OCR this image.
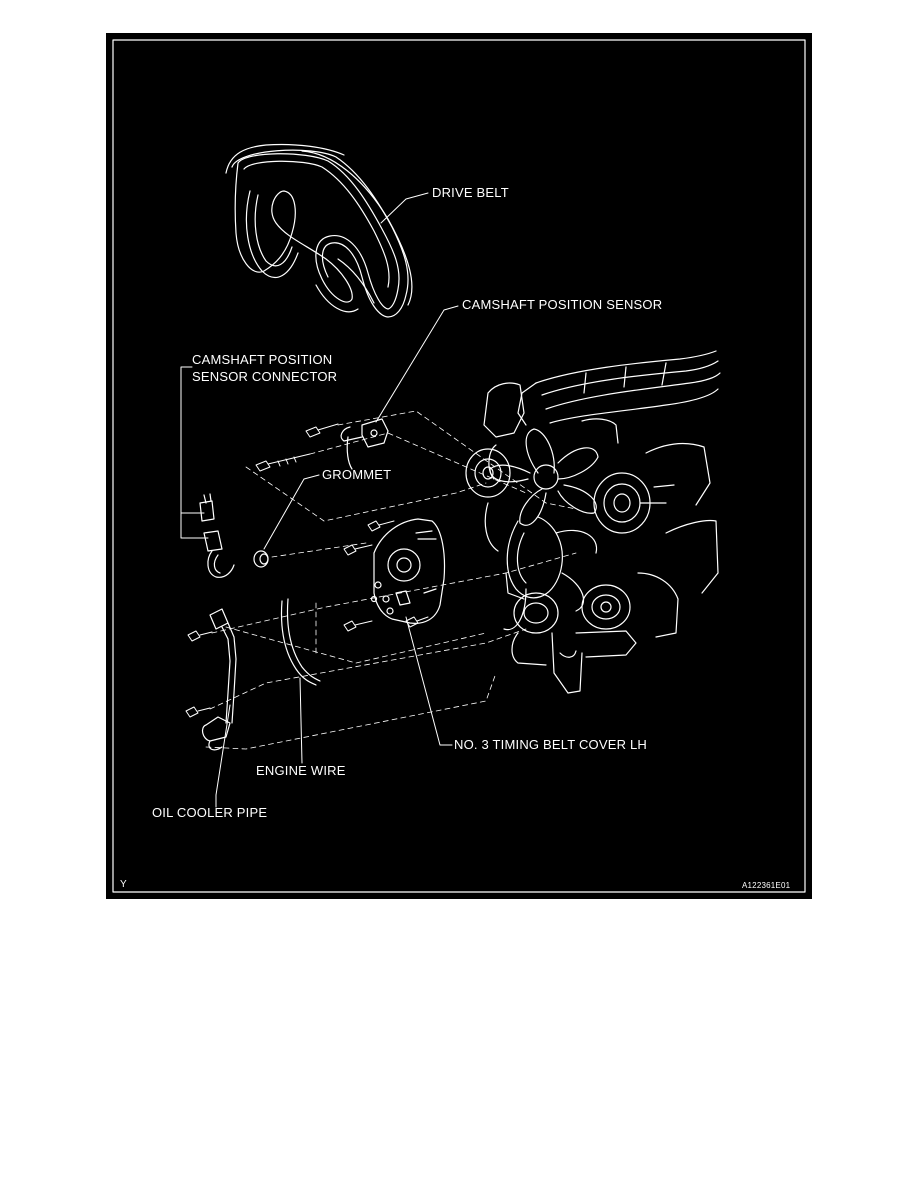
DRIVE BELT
CAMSHAFT POSITION SENSOR
CAMSHAFT POSITION
SENSOR CONNECTOR
GROMMET
NO. 3 TIMING BELT COVER LH
ENGINE WIRE
OIL COOLER PIPE
Y	A122361E01
